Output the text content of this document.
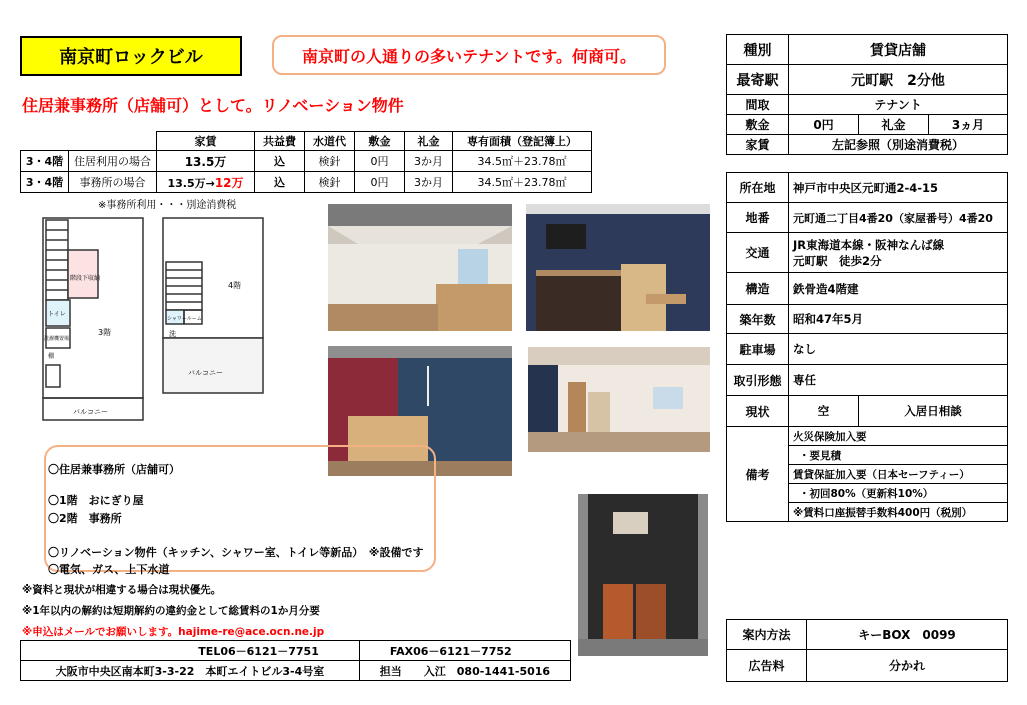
南京町ロックビル	南京町の人通りの多いテナントです。何商可。
住居兼事務所（店舗可）として。リノベーション物件
		家賃	共益費	水道代	敷金	礼金	専有面積（登記簿上）
3・4階	住居利用の場合	13.5万	込	検針	0円	3か月	34.5㎡＋23.78㎡
3・4階	事務所の場合	13.5万→12万	込	検針	0円	3か月	34.5㎡＋23.78㎡
※事務所利用・・・別途消費税
3階
4階
階段下収納
トイレ
洗濯機置場
棚
バルコニー
バルコニー
シャワールーム
洗
〇住居兼事務所（店舗可）
〇1階　おにぎり屋
〇2階　事務所
〇リノベーション物件（キッチン、シャワー室、トイレ等新品）　※設備です
〇電気、ガス、上下水道
※資料と現状が相違する場合は現状優先。
※1年以内の解約は短期解約の違約金として総賃料の1か月分要
※申込はメールでお願いします。hajime-re@ace.ocn.ne.jp
TEL06－6121－7751	FAX06－6121－7752
大阪市中央区南本町3-3-22　本町エイトビル3-4号室	担当　　入江　080-1441-5016
種別	賃貸店舗		
最寄駅	元町駅　2分他		
間取	テナント		
敷金	0円	礼金	3ヵ月
家賃	左記参照（別途消費税）		
所在地	神戸市中央区元町通2-4-15	
地番	元町通二丁目4番20（家屋番号）4番20	
交通	JR東海道本線・阪神なんば線
元町駅　徒歩2分	

構造	鉄骨造4階建	
築年数	昭和47年5月	
駐車場	なし	
取引形態	専任	
現状	空	入居日相談
備考	火災保険加入要	
	・要見積	
	賃貸保証加入要（日本セーフティー）	
	・初回80%（更新料10%）	
	※賃料口座振替手数料400円（税別）	
案内方法	キーBOX　0099
広告料	分かれ
